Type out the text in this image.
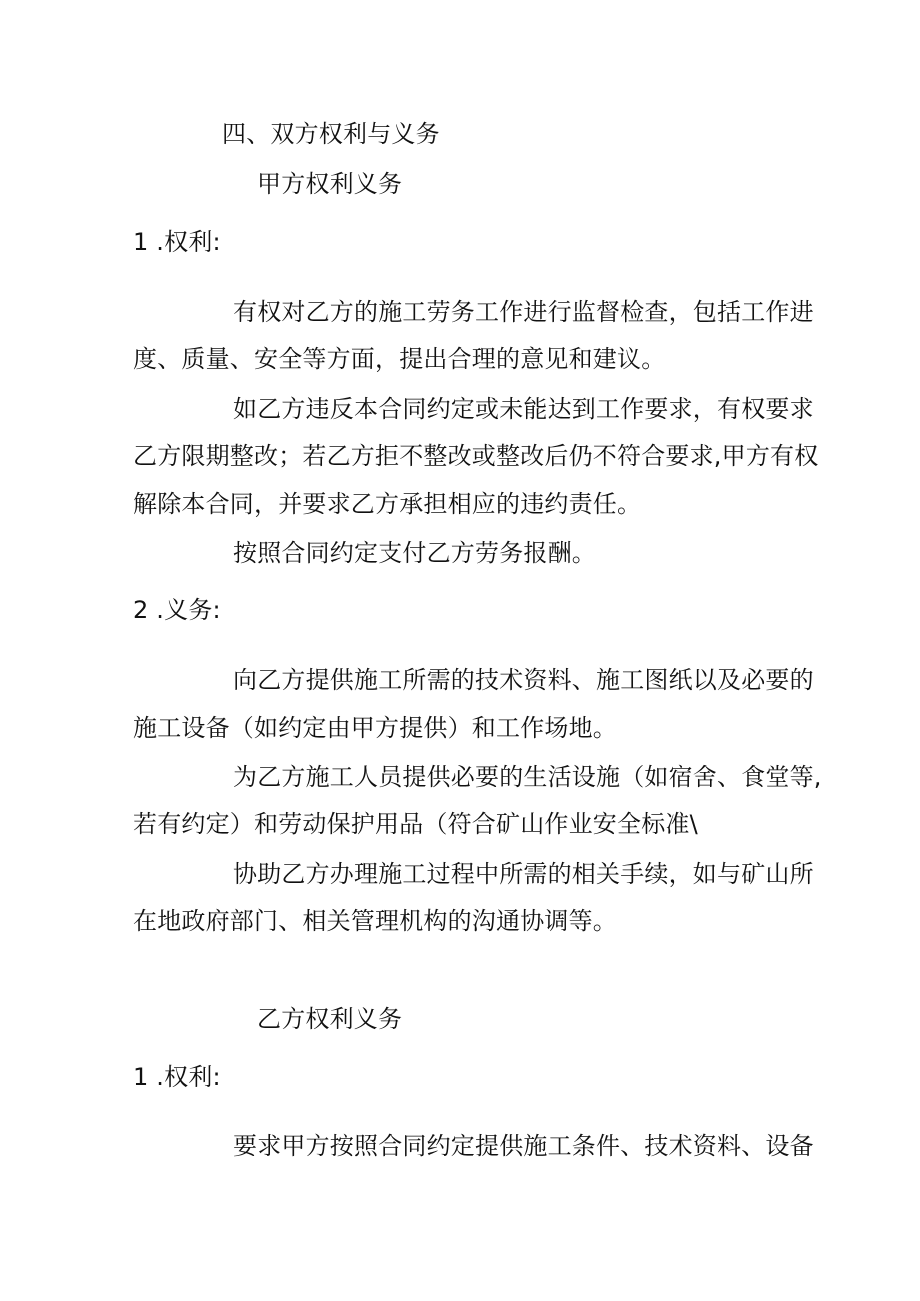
四、双方权利与义务
甲方权利义务
1 .权利:
有权对乙方的施工劳务工作进行监督检查，包括工作进
度、质量、安全等方面，提出合理的意见和建议。
如乙方违反本合同约定或未能达到工作要求，有权要求
乙方限期整改；若乙方拒不整改或整改后仍不符合要求,甲方有权
解除本合同，并要求乙方承担相应的违约责任。
按照合同约定支付乙方劳务报酬。
2 .义务:
向乙方提供施工所需的技术资料、施工图纸以及必要的
施工设备（如约定由甲方提供）和工作场地。
为乙方施工人员提供必要的生活设施（如宿舍、食堂等,
若有约定）和劳动保护用品（符合矿山作业安全标准\
协助乙方办理施工过程中所需的相关手续，如与矿山所
在地政府部门、相关管理机构的沟通协调等。
乙方权利义务
1 .权利:
要求甲方按照合同约定提供施工条件、技术资料、设备
